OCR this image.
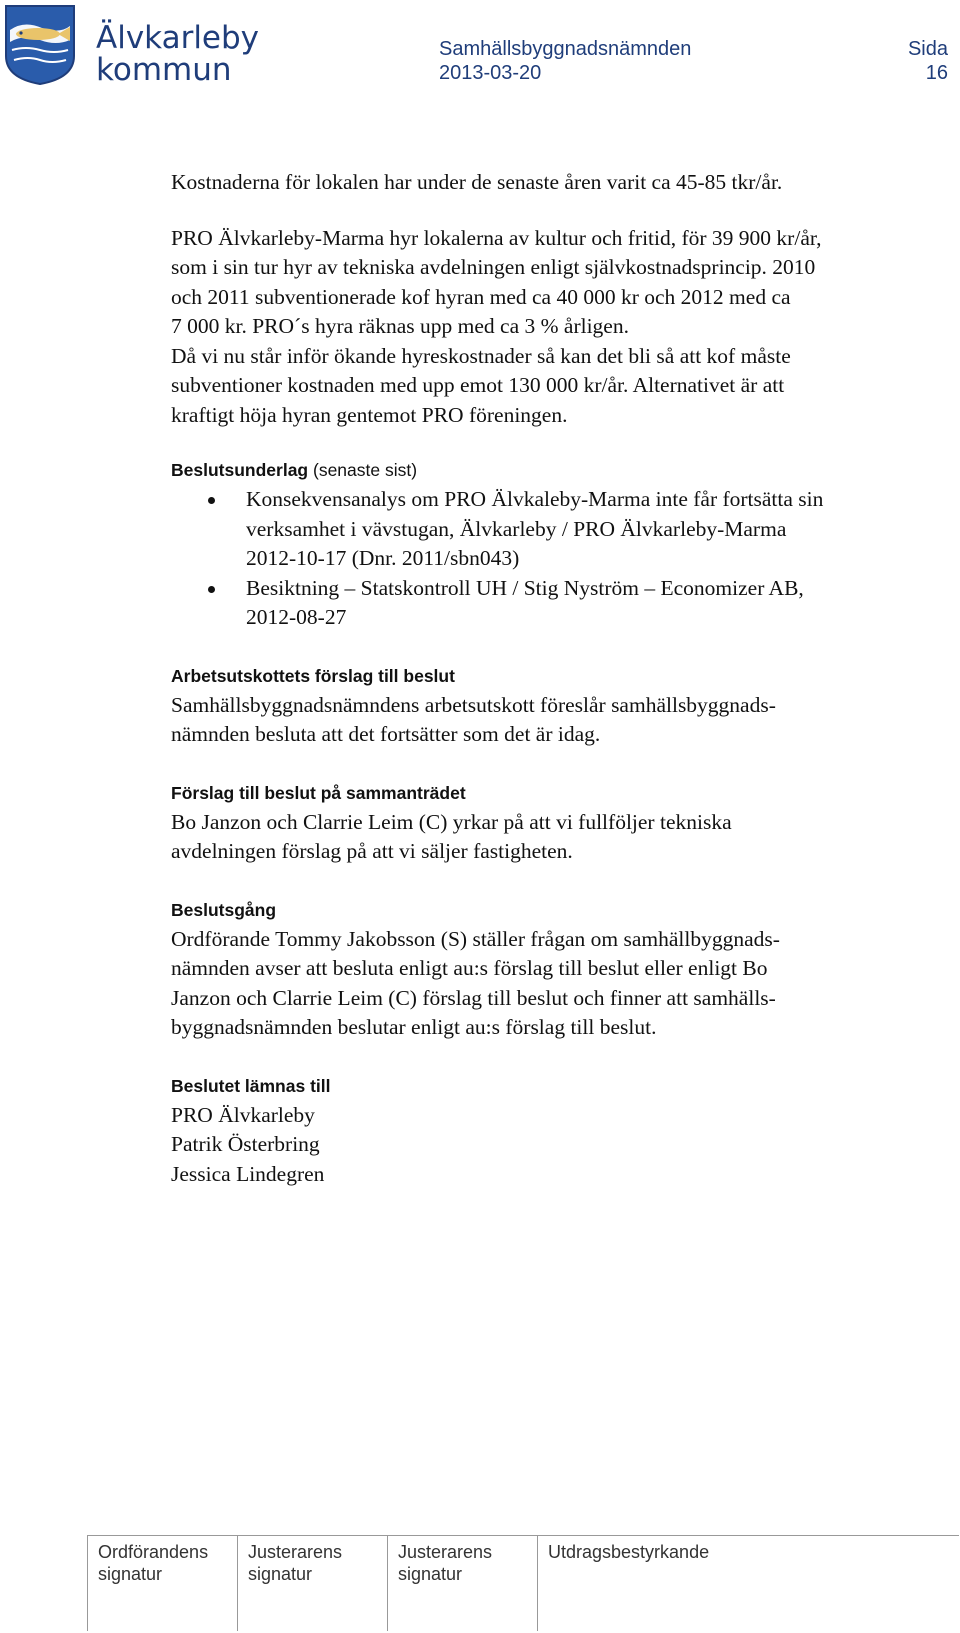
Älvkarleby
kommun
Samhällsbyggnadsnämnden
2013-03-20
Sida
16

Kostnaderna för lokalen har under de senaste åren varit ca 45-85 tkr/år.

PRO Älvkarleby-Marma hyr lokalerna av kultur och fritid, för 39 900 kr/år,
som i sin tur hyr av tekniska avdelningen enligt självkostnadsprincip. 2010
och 2011 subventionerade kof hyran med ca 40 000 kr och 2012 med ca
7 000 kr. PRO´s hyra räknas upp med ca 3 % årligen.
Då vi nu står inför ökande hyreskostnader så kan det bli så att kof måste
subventioner kostnaden med upp emot 130 000 kr/år. Alternativet är att
kraftigt höja hyran gentemot PRO föreningen.

Beslutsunderlag (senaste sist)
Konsekvensanalys om PRO Älvkaleby-Marma inte får fortsätta sin
verksamhet i vävstugan, Älvkarleby / PRO Älvkarleby-Marma
2012-10-17 (Dnr. 2011/sbn043)
Besiktning – Statskontroll UH / Stig Nyström – Economizer AB,
2012-08-27
Arbetsutskottets förslag till beslut

Samhällsbyggnadsnämndens arbetsutskott föreslår samhällsbyggnads-
nämnden besluta att det fortsätter som det är idag.

Förslag till beslut på sammanträdet

Bo Janzon och Clarrie Leim (C) yrkar på att vi fullföljer tekniska
avdelningen förslag på att vi säljer fastigheten.

Beslutsgång

Ordförande Tommy Jakobsson (S) ställer frågan om samhällbyggnads-
nämnden avser att besluta enligt au:s förslag till beslut eller enligt Bo
Janzon och Clarrie Leim (C) förslag till beslut och finner att samhälls-
byggnadsnämnden beslutar enligt au:s förslag till beslut.

Beslutet lämnas till

PRO Älvkarleby
Patrik Österbring
Jessica Lindegren

Ordförandens
signatur
Justerarens
signatur
Justerarens
signatur
Utdragsbestyrkande
